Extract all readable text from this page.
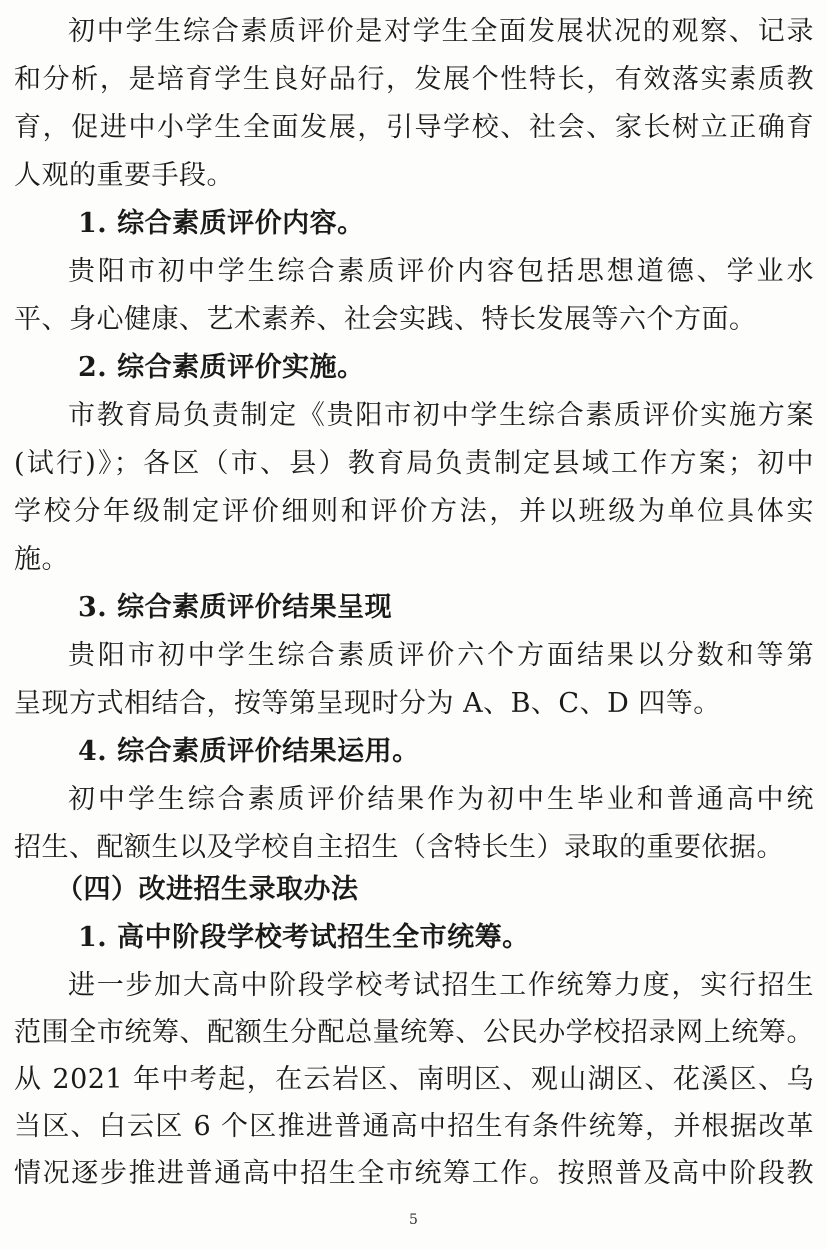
初中学生综合素质评价是对学生全面发展状况的观察、记录
和分析，是培育学生良好品行，发展个性特长，有效落实素质教
育，促进中小学生全面发展，引导学校、社会、家长树立正确育
人观的重要手段。
1. 综合素质评价内容。
贵阳市初中学生综合素质评价内容包括思想道德、学业水
平、身心健康、艺术素养、社会实践、特长发展等六个方面。
2. 综合素质评价实施。
市教育局负责制定《贵阳市初中学生综合素质评价实施方案
(试行)》；各区（市、县）教育局负责制定县域工作方案；初中
学校分年级制定评价细则和评价方法，并以班级为单位具体实
施。
3. 综合素质评价结果呈现
贵阳市初中学生综合素质评价六个方面结果以分数和等第
呈现方式相结合，按等第呈现时分为 A、B、C、D 四等。
4. 综合素质评价结果运用。
初中学生综合素质评价结果作为初中生毕业和普通高中统
招生、配额生以及学校自主招生（含特长生）录取的重要依据。
（四）改进招生录取办法
1. 高中阶段学校考试招生全市统筹。
进一步加大高中阶段学校考试招生工作统筹力度，实行招生
范围全市统筹、配额生分配总量统筹、公民办学校招录网上统筹。
从 2021 年中考起，在云岩区、南明区、观山湖区、花溪区、乌
当区、白云区 6 个区推进普通高中招生有条件统筹，并根据改革
情况逐步推进普通高中招生全市统筹工作。按照普及高中阶段教
5
